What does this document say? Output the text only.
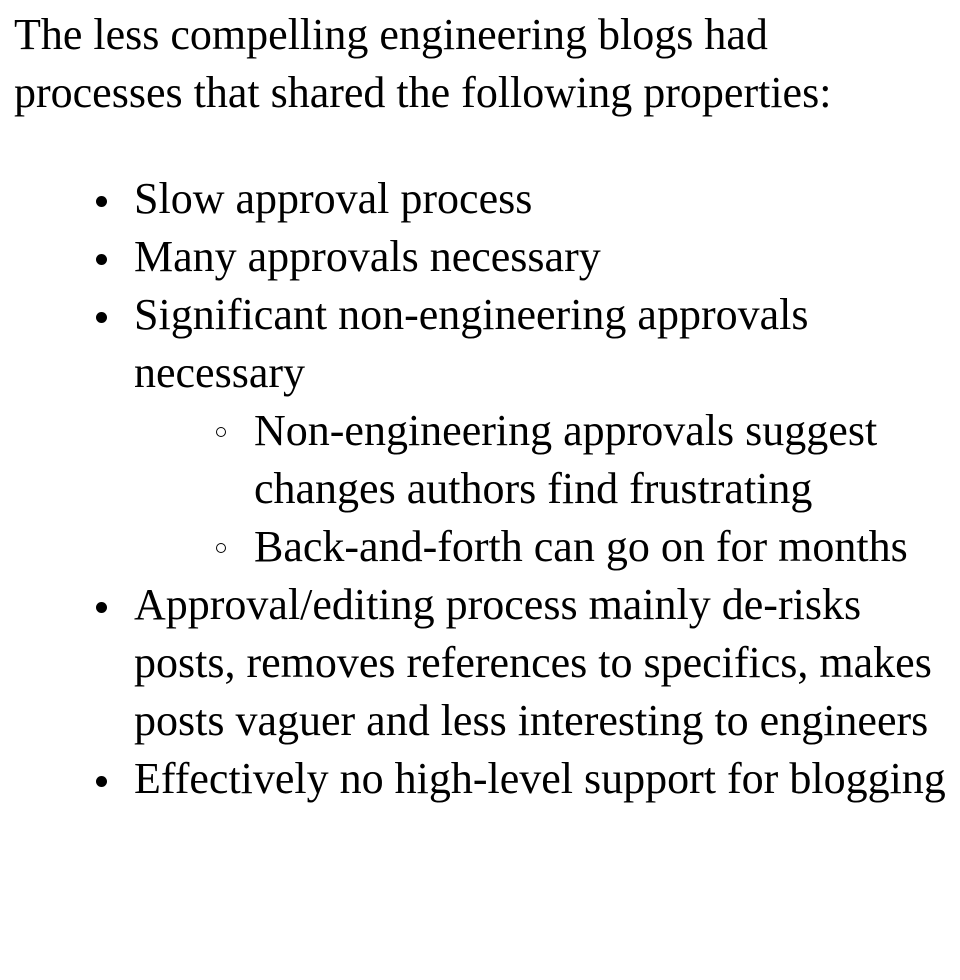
The less compelling engineering blogs had processes that shared the following properties:

Slow approval process
Many approvals necessary
Significant non-engineering approvals necessary
Non-engineering approvals suggest changes authors find frustrating
Back-and-forth can go on for months
Approval/editing process mainly de-risks posts, removes references to specifics, makes posts vaguer and less interesting to engineers
Effectively no high-level support for blogging
